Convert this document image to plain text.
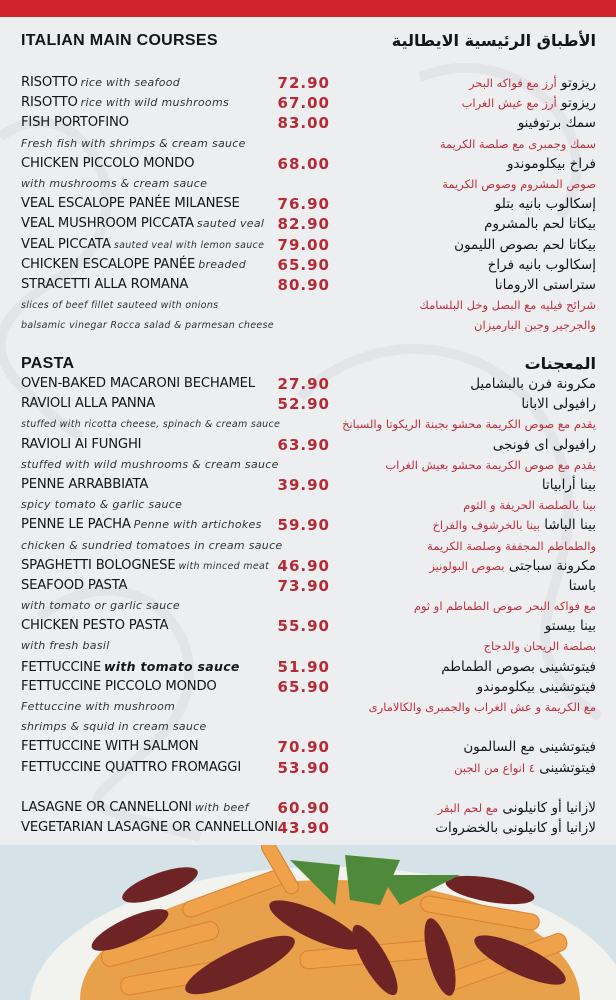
ITALIAN MAIN COURSES	الأطباق الرئيسية الايطالية
RISOTTO rice with seafood	72.90	ريزوتو أرز مع فواكه البحر
RISOTTO rice with wild mushrooms	67.00	ريزوتو أرز مع عيش الغراب
FISH PORTOFINO	83.00	سمك برتوفينو
Fresh fish with shrimps & cream sauce	سمك وجمبرى مع صلصة الكريمة
CHICKEN PICCOLO MONDO	68.00	فراخ بيكلوموندو
with mushrooms & cream sauce	صوص المشروم وصوص الكريمة
VEAL ESCALOPE PANÉE MILANESE	76.90	إسكالوب بانيه بتلو
VEAL MUSHROOM PICCATA sauted veal 82.90	بيكاتا لحم بالمشروم
VEAL PICCATA sauted veal with lemon sauce 79.00	بيكاتا لحم بصوص الليمون
CHICKEN ESCALOPE PANÉE breaded 65.90	إسكالوب بانيه فراخ
STRACETTI ALLA ROMANA	80.90	ستراستى الارومانا
slices of beef fillet sauteed with onions	شرائح فيليه مع البصل وخل البلسامك
balsamic vinegar Rocca salad & parmesan cheese	والجرجير وجبن البارميزان
PASTA	المعجنات
OVEN-BAKED MACARONI BECHAMEL 27.90	مكرونة فرن بالبشاميل
RAVIOLI ALLA PANNA	52.90	رافيولى الابانا
stuffed with ricotta cheese, spinach & cream sauce	يقدم مع صوص الكريمة محشو بجبنة الريكوتا والسبانخ
RAVIOLI AI FUNGHI	63.90	رافيولى اى فونجى
stuffed with wild mushrooms & cream sauce	يقدم مع صوص الكريمة محشو بعيش الغراب
PENNE ARRABBIATA	39.90	بينا أرابياتا
spicy tomato & garlic sauce	بينا بالصلصة الحريفة و الثوم
PENNE LE PACHA Penne with artichokes 59.90	بينا الباشا بينا بالخرشوف والفراخ
chicken & sundried tomatoes in cream sauce	والطماطم المجففة وصلصة الكريمة
SPAGHETTI BOLOGNESE with minced meat 46.90	مكرونة سباجتى بصوص البولونيز
SEAFOOD PASTA	73.90	باستا
with tomato or garlic sauce	مع فواكه البحر صوص الطماطم او ثوم
CHICKEN PESTO PASTA	55.90	بينا بيستو
with fresh basil	بصلصة الريحان والدجاج
FETTUCCINE with tomato sauce	51.90	فيتوتشينى بصوص الطماطم
FETTUCCINE PICCOLO MONDO	65.90	فيتوتشينى بيكلوموندو
Fettuccine with mushroom	مع الكريمة و عش الغراب والجمبرى والكالامارى
shrimps & squid in cream sauce
FETTUCCINE WITH SALMON	70.90	فيتوتشينى مع السالمون
FETTUCCINE QUATTRO FROMAGGI 53.90	فيتوتشينى ٤ انواع من الجبن
LASAGNE OR CANNELLONI with beef 60.90	لازانيا أو كانيلونى مع لحم البقر
VEGETARIAN LASAGNE OR CANNELLONI 43.90	لازانيا أو كانيلونى بالخضروات
